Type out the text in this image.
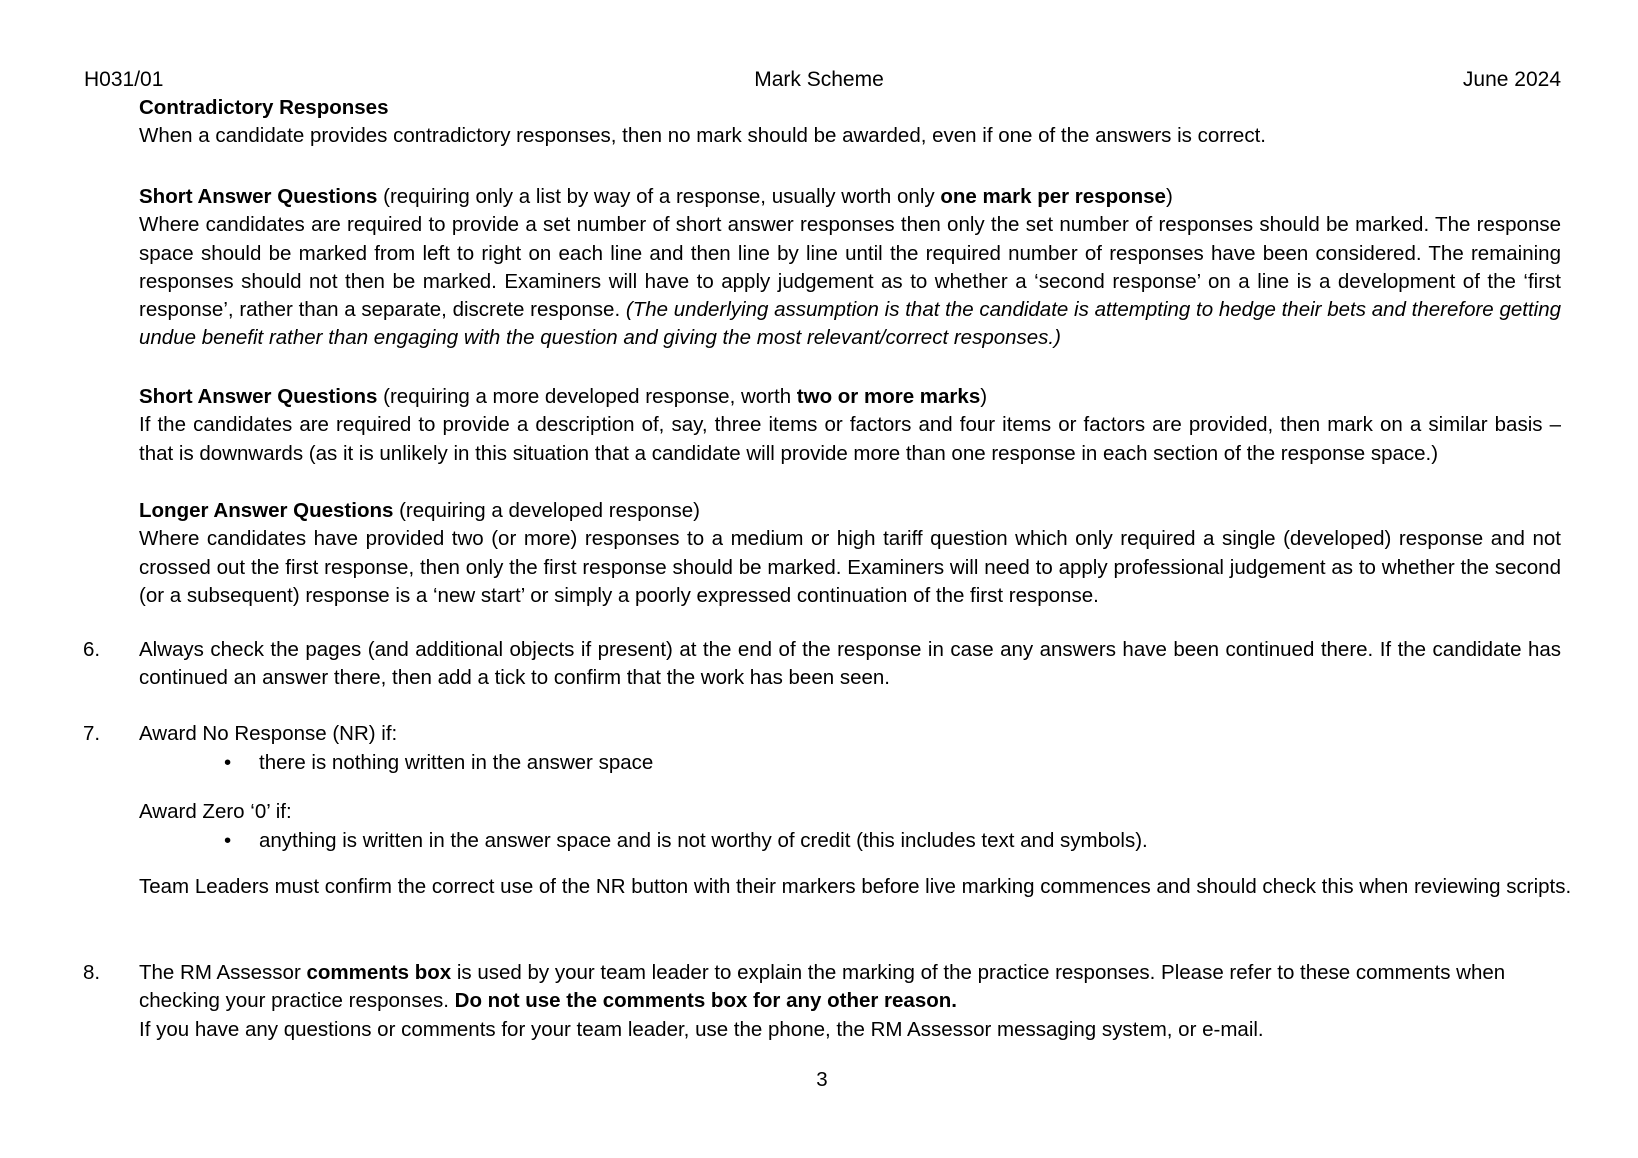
H031/01	Mark Scheme	June 2024
Contradictory Responses
When a candidate provides contradictory responses, then no mark should be awarded, even if one of the answers is correct.
Short Answer Questions (requiring only a list by way of a response, usually worth only one mark per response)
Where candidates are required to provide a set number of short answer responses then only the set number of responses should be marked. The response space should be marked from left to right on each line and then line by line until the required number of responses have been considered. The remaining responses should not then be marked. Examiners will have to apply judgement as to whether a ‘second response’ on a line is a development of the ‘first response’, rather than a separate, discrete response. (The underlying assumption is that the candidate is attempting to hedge their bets and therefore getting undue benefit rather than engaging with the question and giving the most relevant/correct responses.)
Short Answer Questions (requiring a more developed response, worth two or more marks)
If the candidates are required to provide a description of, say, three items or factors and four items or factors are provided, then mark on a similar basis – that is downwards (as it is unlikely in this situation that a candidate will provide more than one response in each section of the response space.)
Longer Answer Questions (requiring a developed response)
Where candidates have provided two (or more) responses to a medium or high tariff question which only required a single (developed) response and not crossed out the first response, then only the first response should be marked. Examiners will need to apply professional judgement as to whether the second (or a subsequent) response is a ‘new start’ or simply a poorly expressed continuation of the first response.
6. Always check the pages (and additional objects if present) at the end of the response in case any answers have been continued there. If the candidate has continued an answer there, then add a tick to confirm that the work has been seen.
7. Award No Response (NR) if:
• there is nothing written in the answer space
Award Zero ‘0’ if:
• anything is written in the answer space and is not worthy of credit (this includes text and symbols).
Team Leaders must confirm the correct use of the NR button with their markers before live marking commences and should check this when reviewing scripts.
8. The RM Assessor comments box is used by your team leader to explain the marking of the practice responses. Please refer to these comments when checking your practice responses. Do not use the comments box for any other reason.
If you have any questions or comments for your team leader, use the phone, the RM Assessor messaging system, or e-mail.
3
